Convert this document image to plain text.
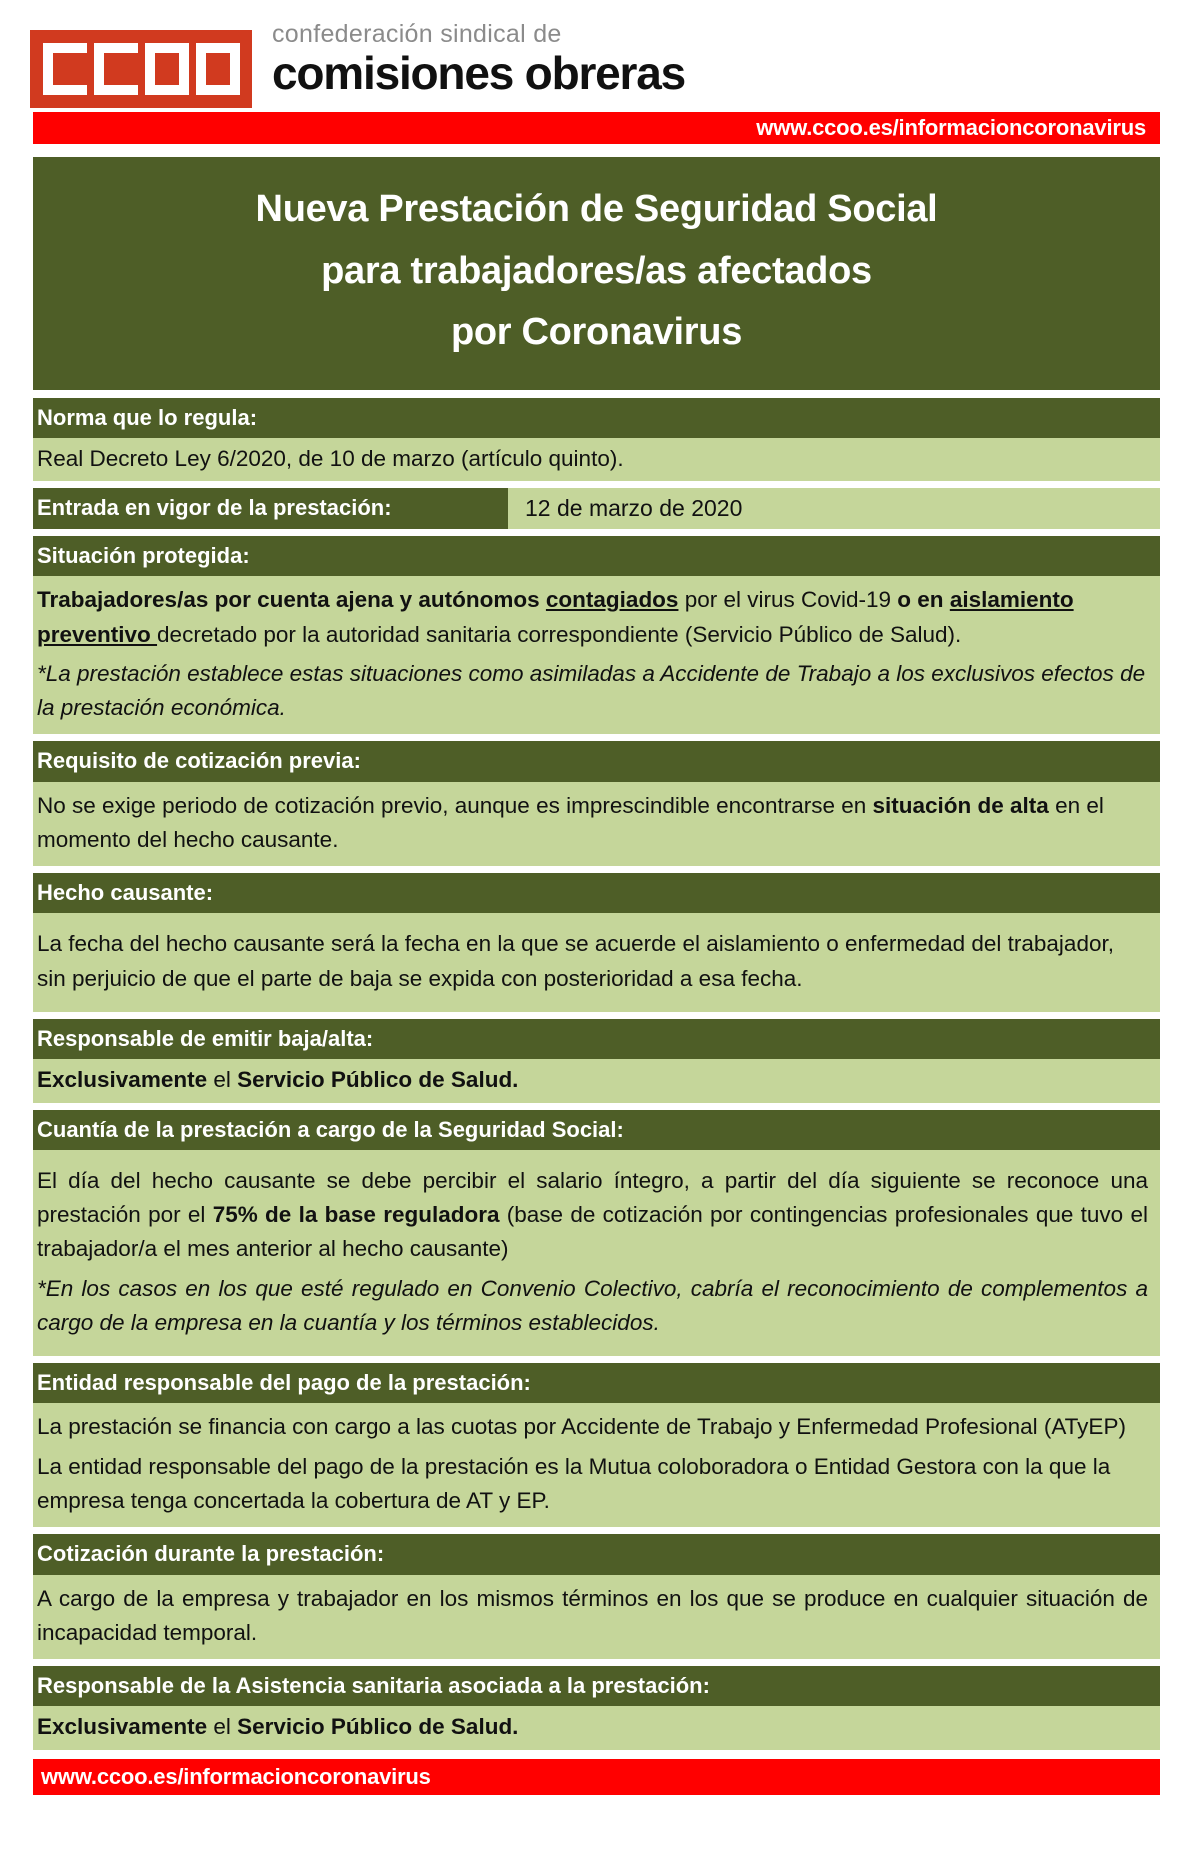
confederación sindical de
comisiones obreras
www.ccoo.es/informacioncoronavirus
Nueva Prestación de Seguridad Social
para trabajadores/as afectados
por Coronavirus
Norma que lo regula:

Real Decreto Ley 6/2020, de 10 de marzo (artículo quinto).

Entrada en vigor de la prestación:	12 de marzo de 2020
Situación protegida:

Trabajadores/as por cuenta ajena y autónomos contagiados por el virus Covid-19 o en aislamiento preventivo decretado por la autoridad sanitaria correspondiente (Servicio Público de Salud).

*La prestación establece estas situaciones como asimiladas a Accidente de Trabajo a los exclusivos efectos de la prestación económica.

Requisito de cotización previa:

No se exige periodo de cotización previo, aunque es imprescindible encontrarse en situación de alta en el momento del hecho causante.

Hecho causante:

La fecha del hecho causante será la fecha en la que se acuerde el aislamiento o enfermedad del trabajador, sin perjuicio de que el parte de baja se expida con posterioridad a esa fecha.

Responsable de emitir baja/alta:

Exclusivamente el Servicio Público de Salud.

Cuantía de la prestación a cargo de la Seguridad Social:

El día del hecho causante se debe percibir el salario íntegro, a partir del día siguiente se reconoce una prestación por el 75% de la base reguladora (base de cotización por contingencias profesionales que tuvo el trabajador/a el mes anterior al hecho causante)

*En los casos en los que esté regulado en Convenio Colectivo, cabría el reconocimiento de complementos a cargo de la empresa en la cuantía y los términos establecidos.

Entidad responsable del pago de la prestación:

La prestación se financia con cargo a las cuotas por Accidente de Trabajo y Enfermedad Profesional (ATyEP)

La entidad responsable del pago de la prestación es la Mutua coloboradora o Entidad Gestora con la que la empresa tenga concertada la cobertura de AT y EP.

Cotización durante la prestación:

A cargo de la empresa y trabajador en los mismos términos en los que se produce en cualquier situación de incapacidad temporal.

Responsable de la Asistencia sanitaria asociada a la prestación:

Exclusivamente el Servicio Público de Salud.

www.ccoo.es/informacioncoronavirus
